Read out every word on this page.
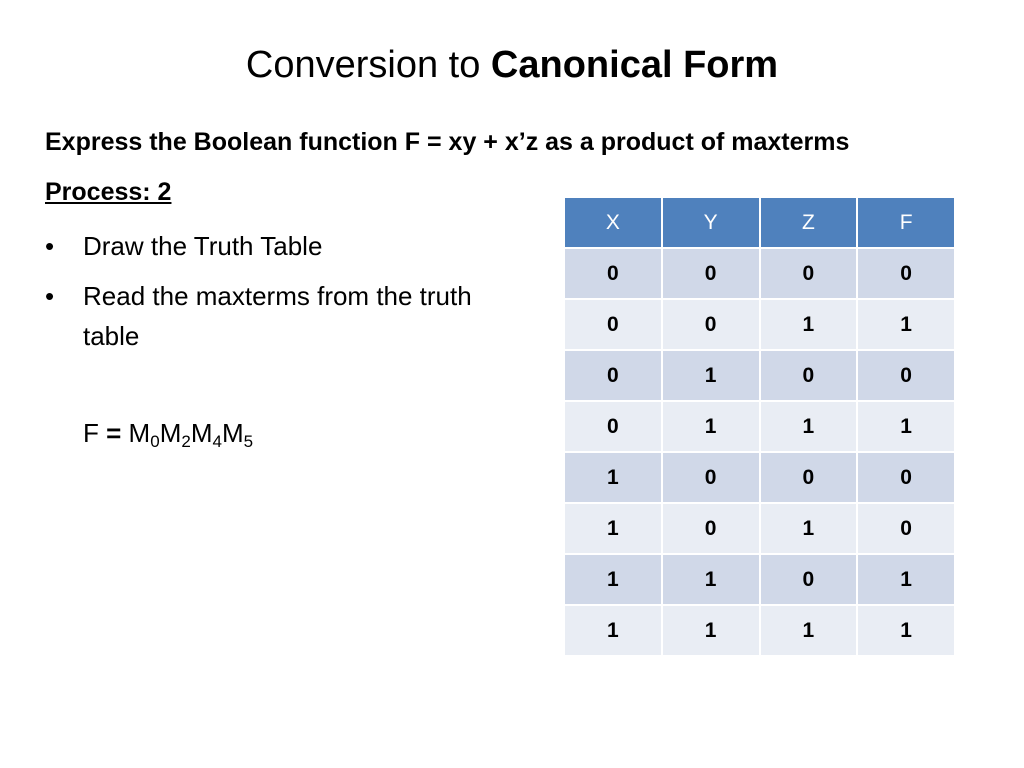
Conversion to Canonical Form
Express the Boolean function F = xy + x’z as a product of maxterms
Process: 2
• Draw the Truth Table
• Read the maxterms from the truth table
$F = M_0M_2M_4M_5$
X	Y	Z	F
0	0	0	0
0	0	1	1
0	1	0	0
0	1	1	1
1	0	0	0
1	0	1	0
1	1	0	1
1	1	1	1
